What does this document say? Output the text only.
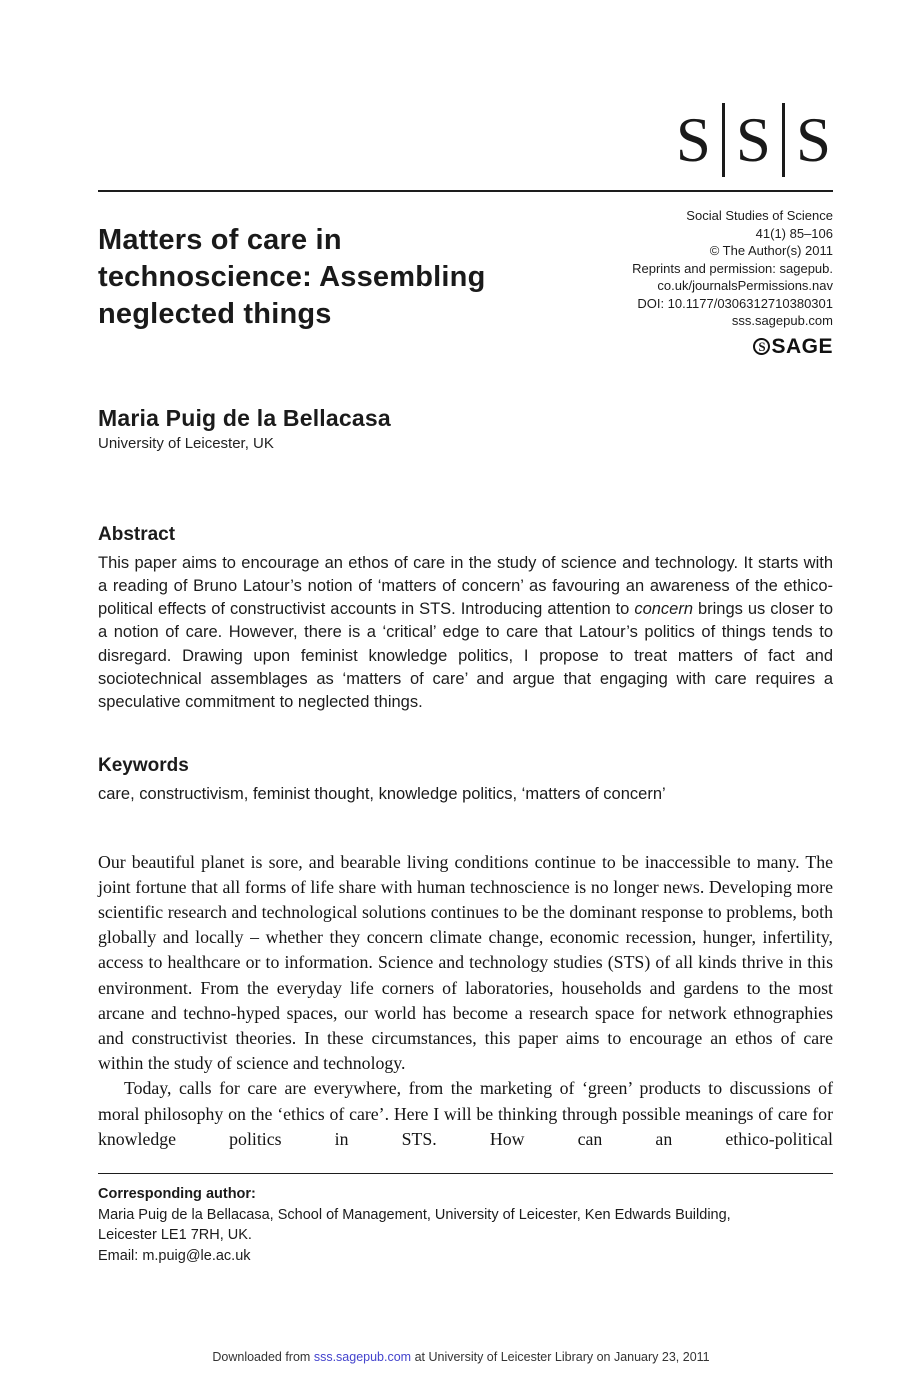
S S S
Matters of care in
technoscience: Assembling
neglected things
Social Studies of Science
41(1) 85–106
© The Author(s) 2011
Reprints and permission: sagepub.
co.uk/journalsPermissions.nav
DOI: 10.1177/0306312710380301
sss.sagepub.com
S SAGE
Maria Puig de la Bellacasa
University of Leicester, UK
Abstract

This paper aims to encourage an ethos of care in the study of science and technology. It starts with a reading of Bruno Latour’s notion of ‘matters of concern’ as favouring an awareness of the ethico-political effects of constructivist accounts in STS. Introducing attention to concern brings us closer to a notion of care. However, there is a ‘critical’ edge to care that Latour’s politics of things tends to disregard. Drawing upon feminist knowledge politics, I propose to treat matters of fact and sociotechnical assemblages as ‘matters of care’ and argue that engaging with care requires a speculative commitment to neglected things.

Keywords

care, constructivism, feminist thought, knowledge politics, ‘matters of concern’

Our beautiful planet is sore, and bearable living conditions continue to be inaccessible to many. The joint fortune that all forms of life share with human technoscience is no longer news. Developing more scientific research and technological solutions continues to be the dominant response to problems, both globally and locally – whether they concern climate change, economic recession, hunger, infertility, access to healthcare or to information. Science and technology studies (STS) of all kinds thrive in this environment. From the everyday life corners of laboratories, households and gardens to the most arcane and techno-hyped spaces, our world has become a research space for network ethnographies and constructivist theories. In these circumstances, this paper aims to encourage an ethos of care within the study of science and technology.

Today, calls for care are everywhere, from the marketing of ‘green’ products to discussions of moral philosophy on the ‘ethics of care’. Here I will be thinking through possible meanings of care for knowledge politics in STS. How can an ethico-political

Corresponding author:
Maria Puig de la Bellacasa, School of Management, University of Leicester, Ken Edwards Building,
Leicester LE1 7RH, UK.
Email: m.puig@le.ac.uk
Downloaded from sss.sagepub.com at University of Leicester Library on January 23, 2011
